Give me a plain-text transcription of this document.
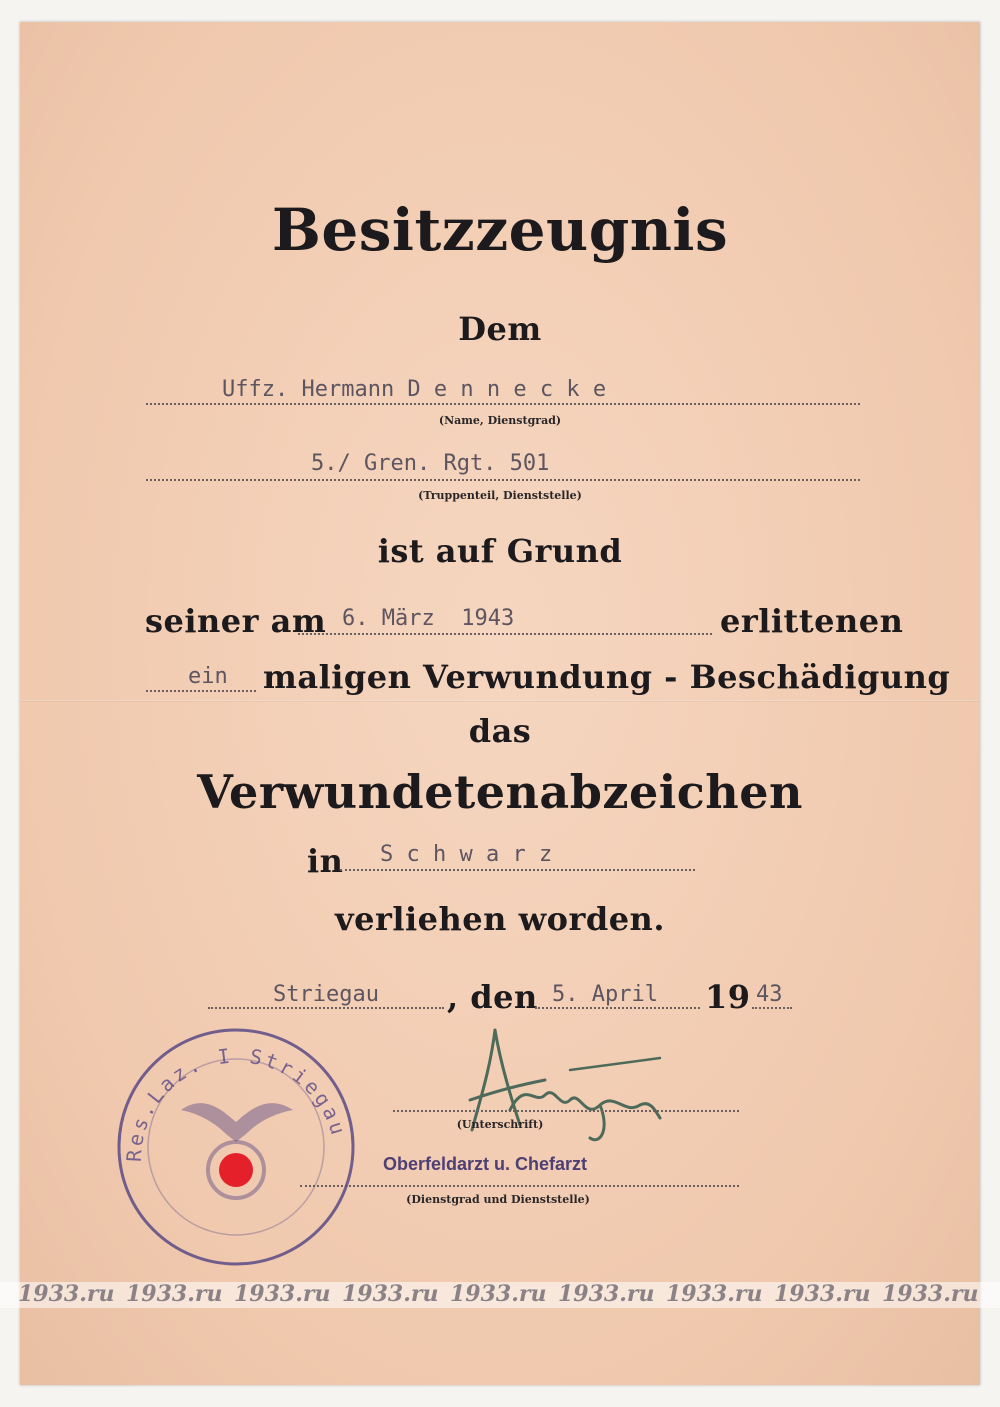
Besitzzeugnis
Dem
Uffz. Hermann D e n n e c k e
(Name, Dienstgrad)
5./ Gren. Rgt. 501
(Truppenteil, Dienststelle)
ist auf Grund
seiner am 6. März  1943	erlittenen
ein maligen Verwundung - Beschädigung
das
Verwundetenabzeichen
in S c h w a r z
verliehen worden.
Striegau , den 5. April 19 43
(Unterschrift)
Oberfeldarzt u. Chefarzt
(Dienstgrad und Dienststelle)
Res.Laz. I Striegau
1933.ru 1933.ru 1933.ru 1933.ru 1933.ru 1933.ru 1933.ru 1933.ru 1933.ru
